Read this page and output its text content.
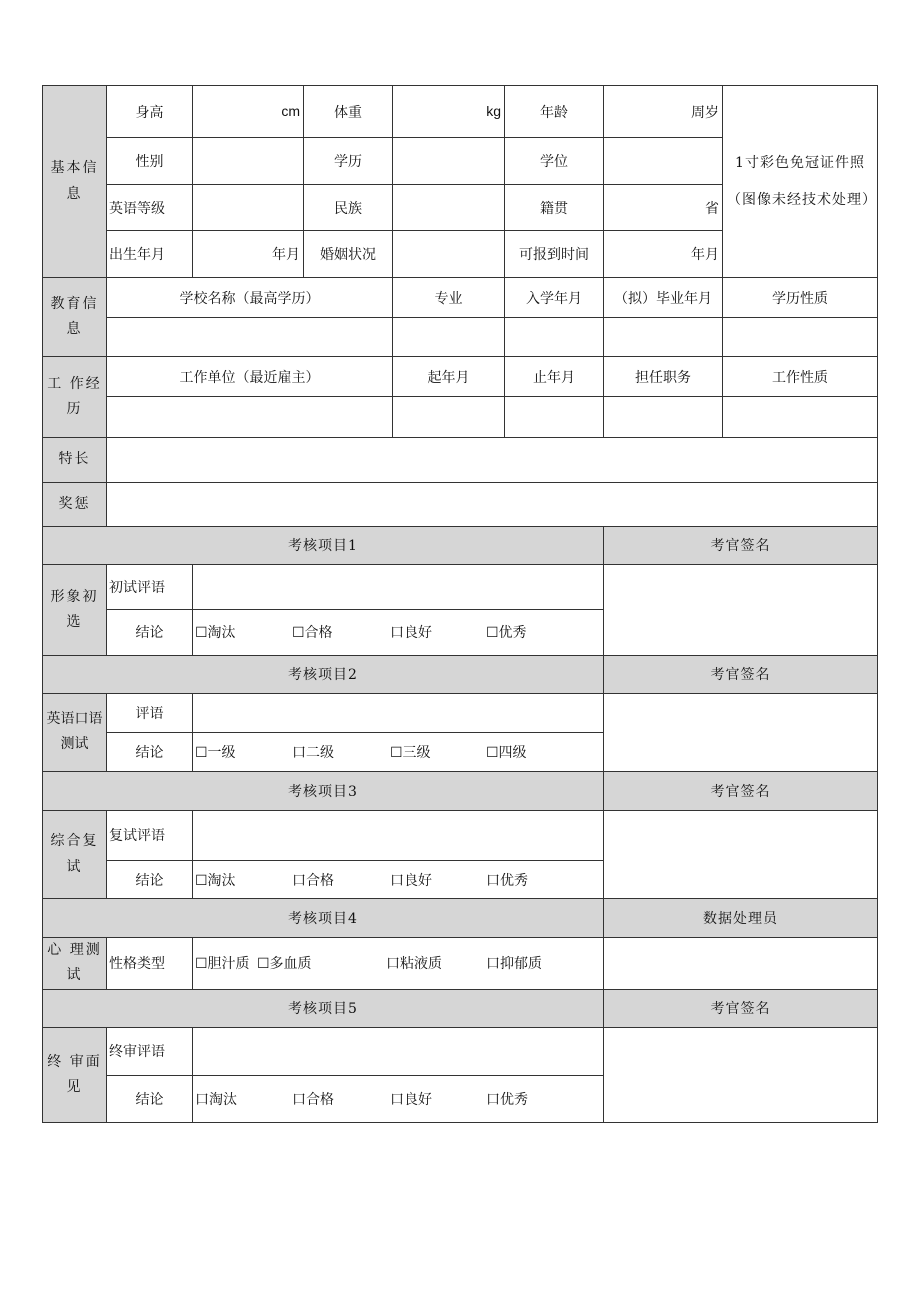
基本信息	身高	cm	体重	kg	年龄	周岁	1寸彩色免冠证件照（图像未经技术处理）
	性别		学历		学位		
	英语等级		民族		籍贯	省	
	出生年月	年月	婚姻状况		可报到时间	年月	
教育信息	学校名称（最高学历）			专业	入学年月	（拟）毕业年月	学历性质

工 作经历	工作单位（最近雇主）			起年月	止年月	担任职务	工作性质

特长							
奖惩							
考核项目1						考官签名	
形象初选	初试评语						
	结论	☐淘汰 ☐合格 口良好 ☐优秀					
考核项目2						考官签名	
英语口语测试	评语						
	结论	☐一级 口二级 ☐三级 ☐四级					
考核项目3						考官签名	
综合复试	复试评语						
	结论	☐淘汰 口合格 口良好 口优秀					
考核项目4						数据处理员	
心 理测试	性格类型	☐胆汁质 ☐多血质 口粘液质 口抑郁质					
考核项目5						考官签名	
终 审面见	终审评语						
	结论	口淘汰 口合格 口良好 口优秀					
